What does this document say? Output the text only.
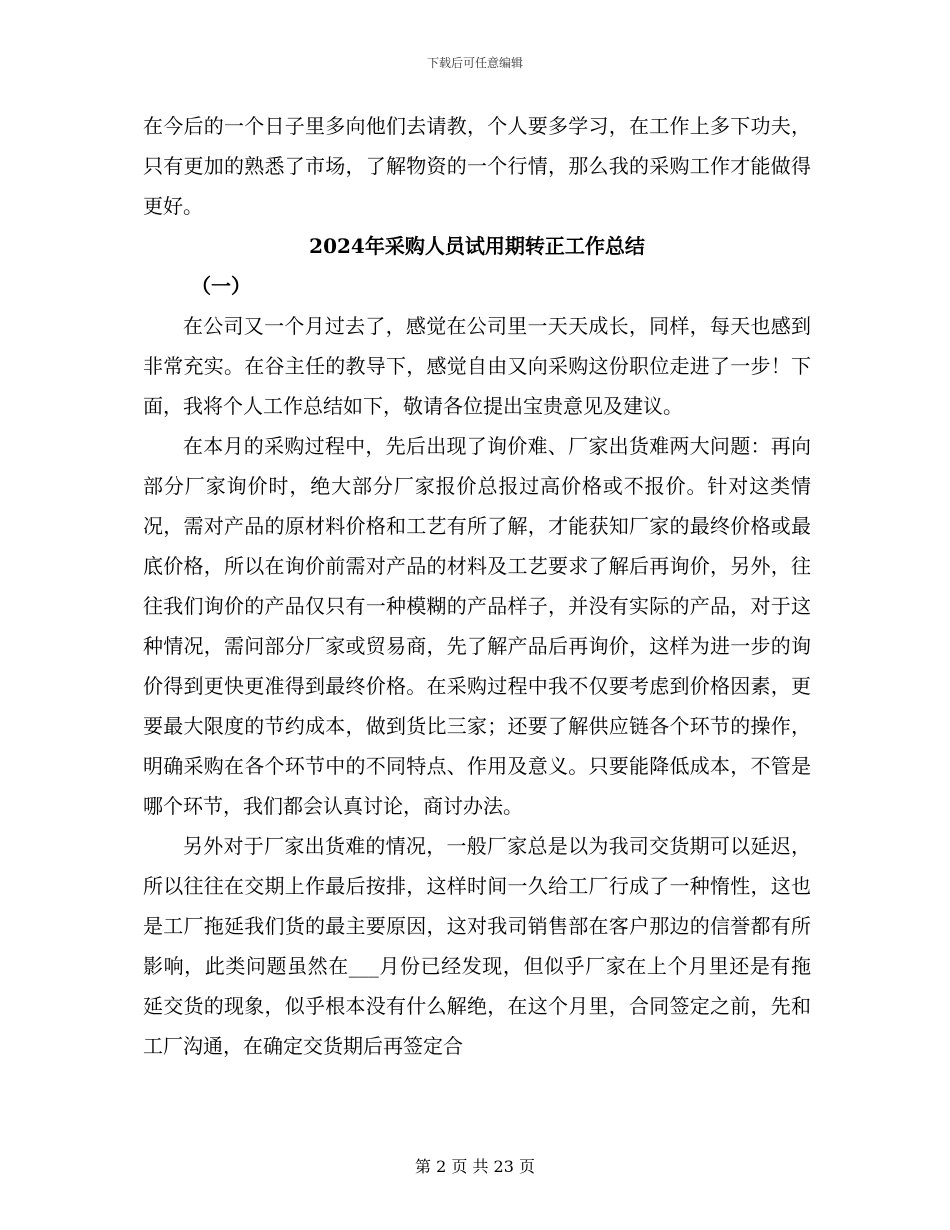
下载后可任意编辑

在今后的一个日子里多向他们去请教，个人要多学习，在工作上多下功夫，只有更加的熟悉了市场，了解物资的一个行情，那么我的采购工作才能做得更好。

2024年采购人员试用期转正工作总结

（一）

在公司又一个月过去了，感觉在公司里一天天成长，同样，每天也感到非常充实。在谷主任的教导下，感觉自由又向采购这份职位走进了一步！下面，我将个人工作总结如下，敬请各位提出宝贵意见及建议。

在本月的采购过程中，先后出现了询价难、厂家出货难两大问题：再向部分厂家询价时，绝大部分厂家报价总报过高价格或不报价。针对这类情况，需对产品的原材料价格和工艺有所了解，才能获知厂家的最终价格或最底价格，所以在询价前需对产品的材料及工艺要求了解后再询价，另外，往往我们询价的产品仅只有一种模糊的产品样子，并没有实际的产品，对于这种情况，需问部分厂家或贸易商，先了解产品后再询价，这样为进一步的询价得到更快更准得到最终价格。在采购过程中我不仅要考虑到价格因素，更要最大限度的节约成本，做到货比三家；还要了解供应链各个环节的操作，明确采购在各个环节中的不同特点、作用及意义。只要能降低成本，不管是哪个环节，我们都会认真讨论，商讨办法。

另外对于厂家出货难的情况，一般厂家总是以为我司交货期可以延迟，所以往往在交期上作最后按排，这样时间一久给工厂行成了一种惰性，这也是工厂拖延我们货的最主要原因，这对我司销售部在客户那边的信誉都有所影响，此类问题虽然在___月份已经发现，但似乎厂家在上个月里还是有拖延交货的现象，似乎根本没有什么解绝，在这个月里，合同签定之前，先和工厂沟通，在确定交货期后再签定合

第 2 页 共 23 页
